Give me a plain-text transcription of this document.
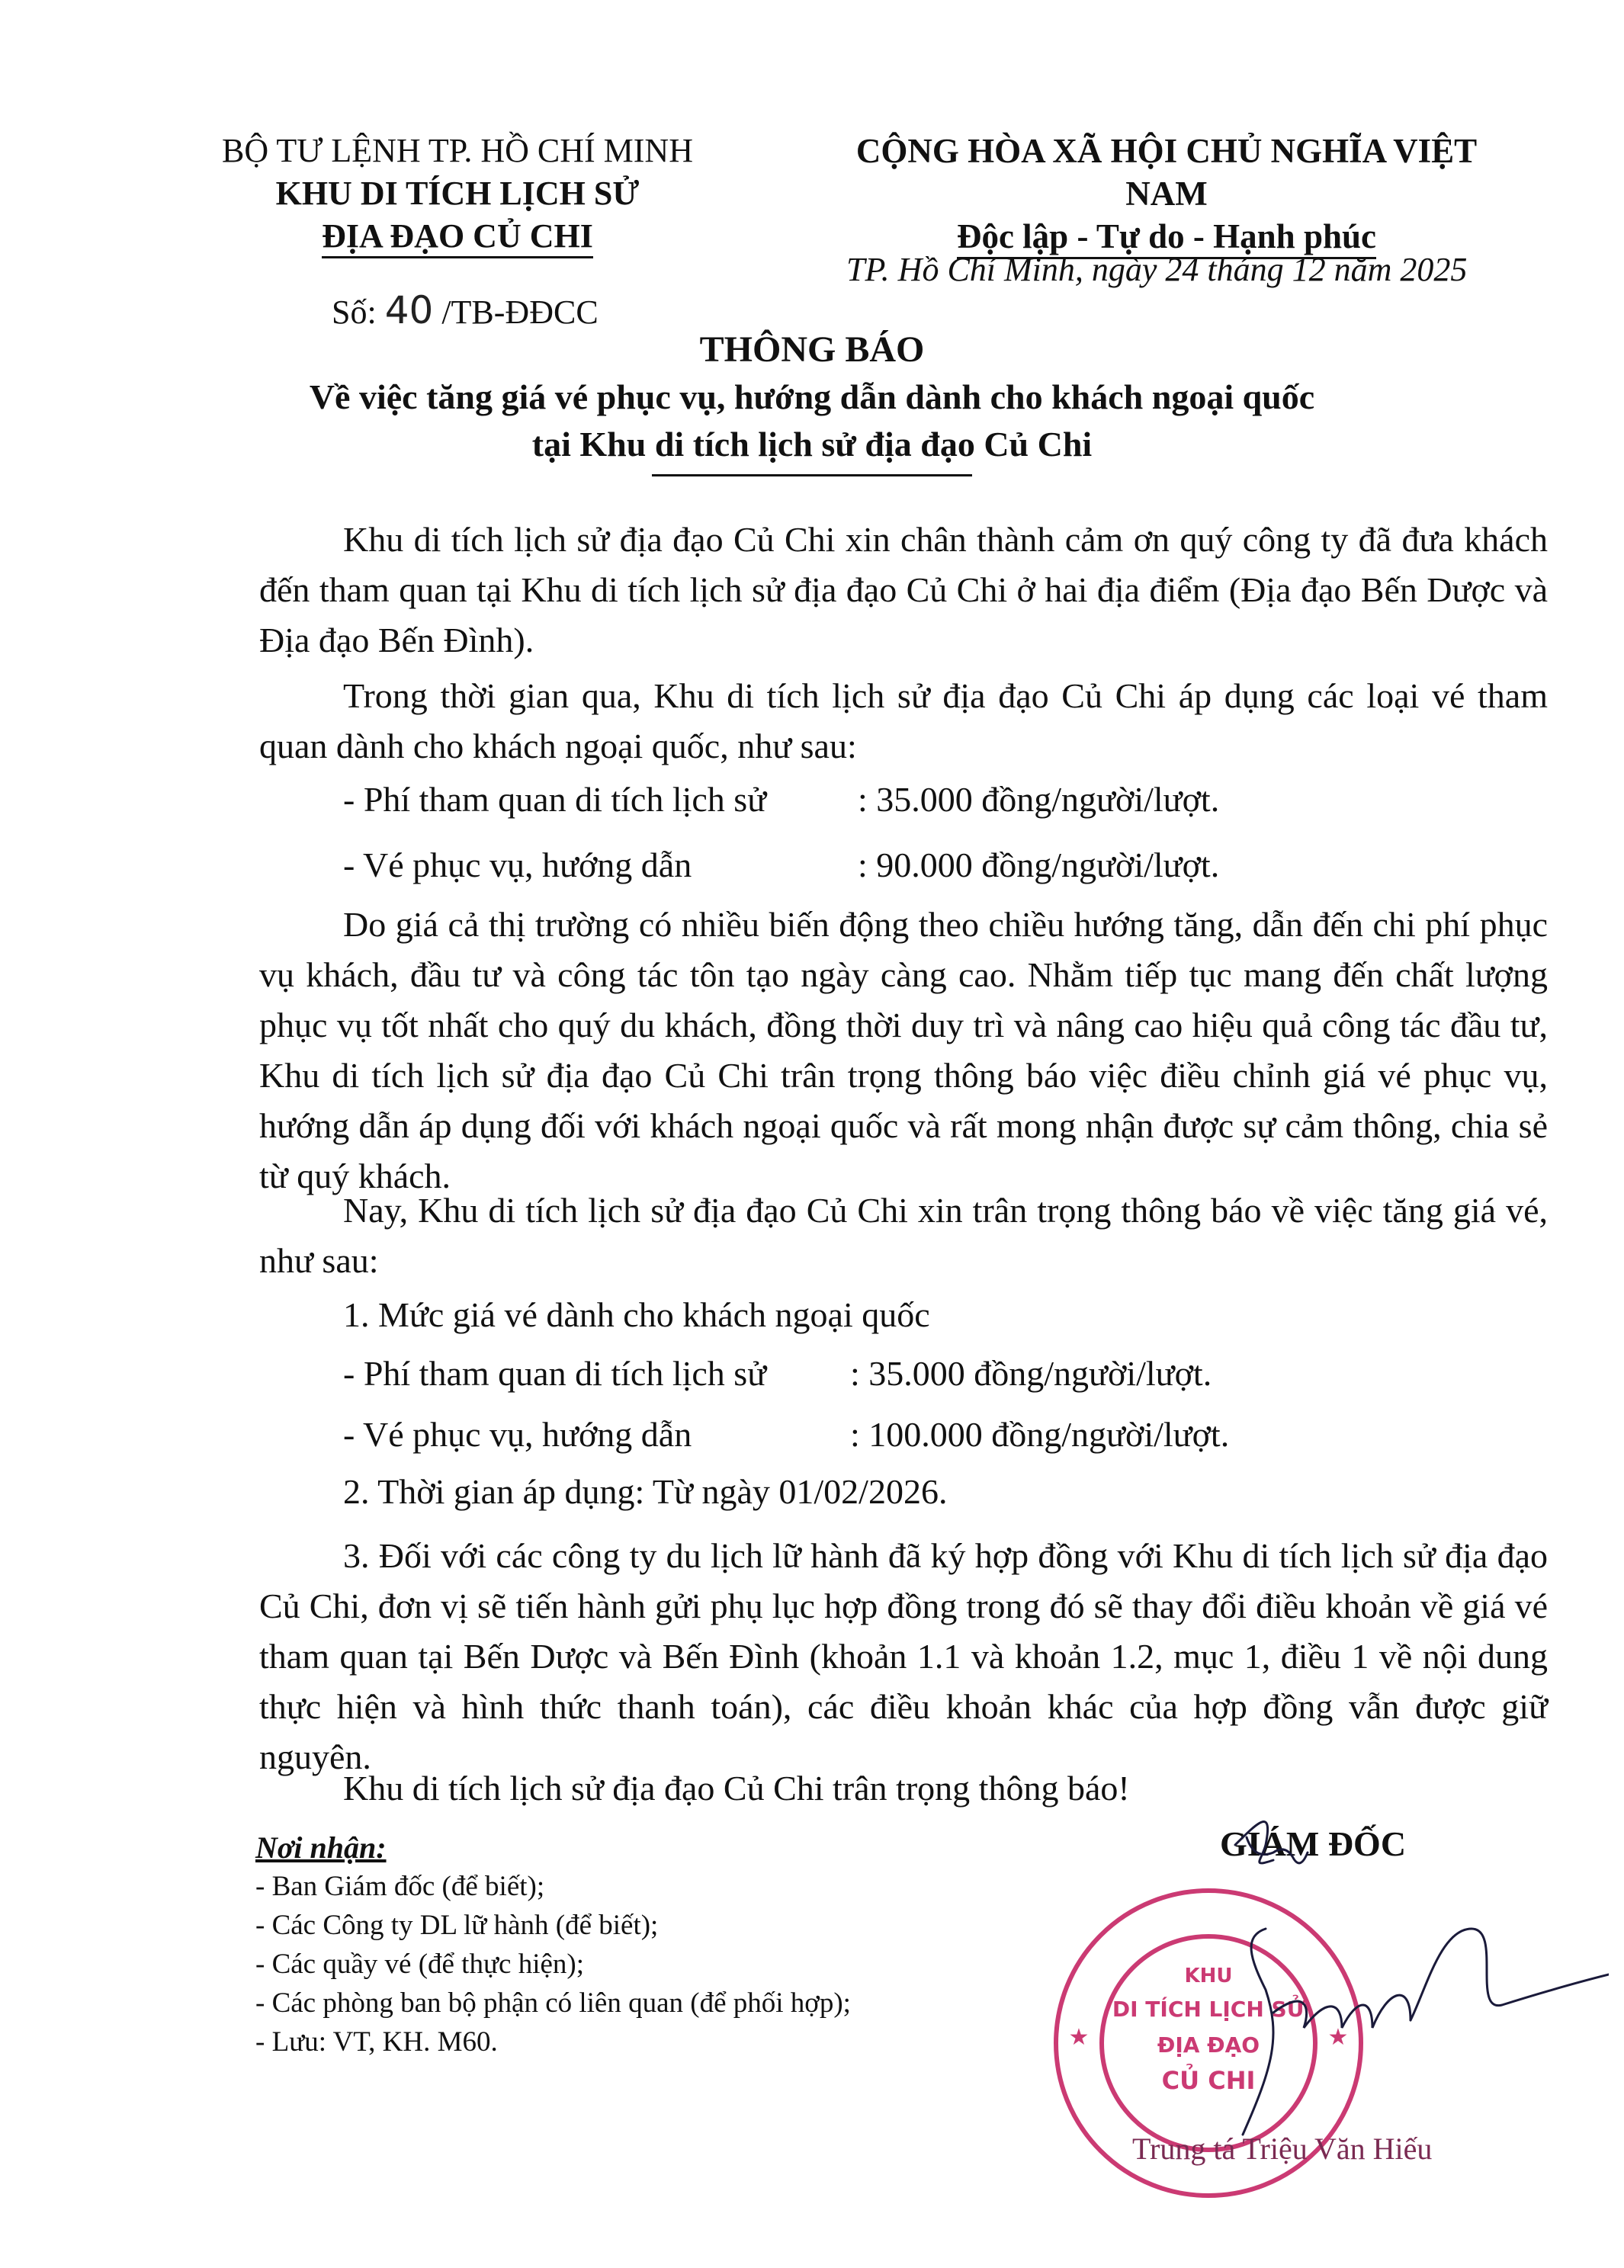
BỘ TƯ LỆNH TP. HỒ CHÍ MINH
KHU DI TÍCH LỊCH SỬ
ĐỊA ĐẠO CỦ CHI
Số: 40 /TB-ĐĐCC
CỘNG HÒA XÃ HỘI CHỦ NGHĨA VIỆT NAM
Độc lập - Tự do - Hạnh phúc
TP. Hồ Chí Minh, ngày 24 tháng 12 năm 2025
THÔNG BÁO
Về việc tăng giá vé phục vụ, hướng dẫn dành cho khách ngoại quốc
tại Khu di tích lịch sử địa đạo Củ Chi

Khu di tích lịch sử địa đạo Củ Chi xin chân thành cảm ơn quý công ty đã đưa khách đến tham quan tại Khu di tích lịch sử địa đạo Củ Chi ở hai địa điểm (Địa đạo Bến Dược và Địa đạo Bến Đình).

Trong thời gian qua, Khu di tích lịch sử địa đạo Củ Chi áp dụng các loại vé tham quan dành cho khách ngoại quốc, như sau:

- Phí tham quan di tích lịch sử	: 35.000 đồng/người/lượt.
- Vé phục vụ, hướng dẫn	: 90.000 đồng/người/lượt.

Do giá cả thị trường có nhiều biến động theo chiều hướng tăng, dẫn đến chi phí phục vụ khách, đầu tư và công tác tôn tạo ngày càng cao. Nhằm tiếp tục mang đến chất lượng phục vụ tốt nhất cho quý du khách, đồng thời duy trì và nâng cao hiệu quả công tác đầu tư, Khu di tích lịch sử địa đạo Củ Chi trân trọng thông báo việc điều chỉnh giá vé phục vụ, hướng dẫn áp dụng đối với khách ngoại quốc và rất mong nhận được sự cảm thông, chia sẻ từ quý khách.

Nay, Khu di tích lịch sử địa đạo Củ Chi xin trân trọng thông báo về việc tăng giá vé, như sau:

1. Mức giá vé dành cho khách ngoại quốc
- Phí tham quan di tích lịch sử : 35.000 đồng/người/lượt.
- Vé phục vụ, hướng dẫn	: 100.000 đồng/người/lượt.
2. Thời gian áp dụng: Từ ngày 01/02/2026.

3. Đối với các công ty du lịch lữ hành đã ký hợp đồng với Khu di tích lịch sử địa đạo Củ Chi, đơn vị sẽ tiến hành gửi phụ lục hợp đồng trong đó sẽ thay đổi điều khoản về giá vé tham quan tại Bến Dược và Bến Đình (khoản 1.1 và khoản 1.2, mục 1, điều 1 về nội dung thực hiện và hình thức thanh toán), các điều khoản khác của hợp đồng vẫn được giữ nguyên.

Khu di tích lịch sử địa đạo Củ Chi trân trọng thông báo!

Nơi nhận:
- Ban Giám đốc (để biết);
- Các Công ty DL lữ hành (để biết);
- Các quầy vé (để thực hiện);
- Các phòng ban bộ phận có liên quan (để phối hợp);
- Lưu: VT, KH. M60.
GIÁM ĐỐC
KHU
DI TÍCH LỊCH SỬ
ĐỊA ĐẠO
CỦ CHI
★	★
Trung tá Triệu Văn Hiếu
